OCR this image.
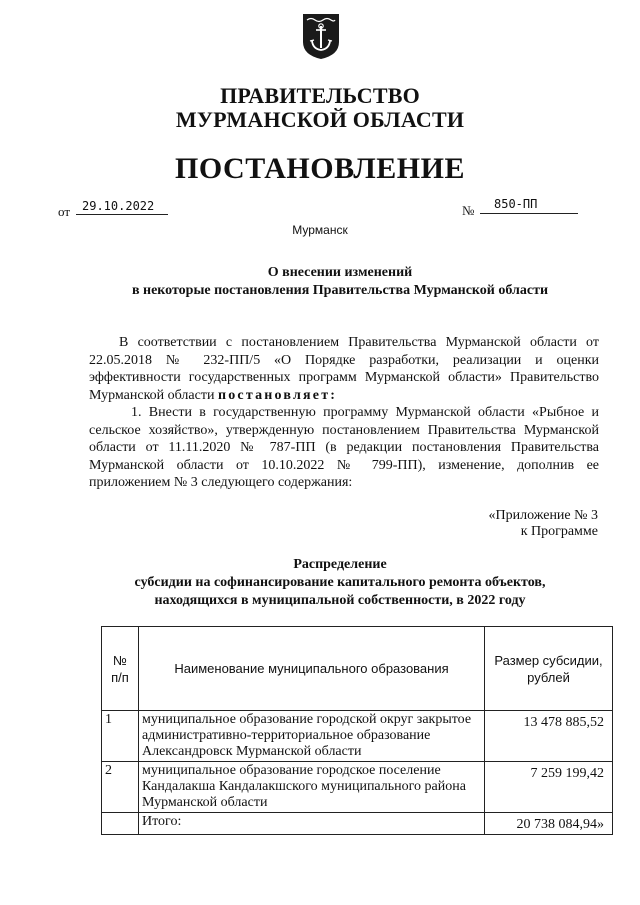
ПРАВИТЕЛЬСТВО
МУРМАНСКОЙ ОБЛАСТИ
ПОСТАНОВЛЕНИЕ
от 29.10.2022	№	850-ПП
Мурманск
О внесении изменений
в некоторые постановления Правительства Мурманской области

В соответствии с постановлением Правительства Мурманской области от 22.05.2018 № 232-ПП/5 «О Порядке разработки, реализации и оценки эффективности государственных программ Мурманской области» Правительство Мурманской области постановляет:

1. Внести в государственную программу Мурманской области «Рыбное и сельское хозяйство», утвержденную постановлением Правительства Мурманской области от 11.11.2020 № 787-ПП (в редакции постановления Правительства Мурманской области от 10.10.2022 № 799-ПП), изменение, дополнив ее приложением № 3 следующего содержания:

«Приложение № 3
к Программе
Распределение
субсидии на софинансирование капитального ремонта объектов,
находящихся в муниципальной собственности, в 2022 году
№
п/п	Наименование муниципального образования	Размер субсидии,
рублей
1	муниципальное образование городской округ закрытое административно-территориальное образование Александровск Мурманской области	13 478 885,52
2	муниципальное образование городское поселение Кандалакша Кандалакшского муниципального района Мурманской области	7 259 199,42
	Итого:	20 738 084,94»
